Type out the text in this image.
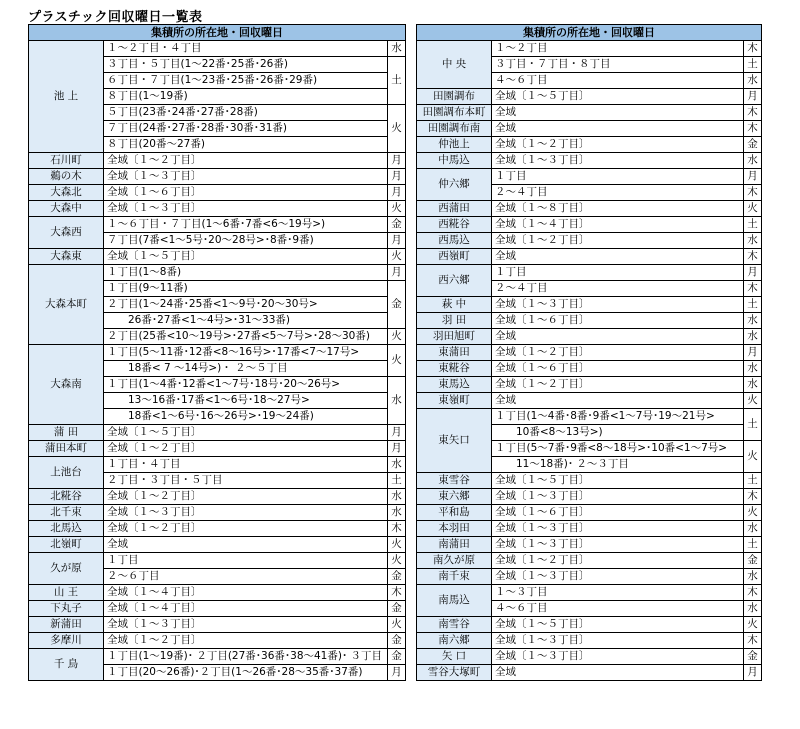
プラスチック回収曜日一覧表
集積所の所在地・回収曜日		
池 上	１～２丁目・４丁目	水
	３丁目・５丁目(1～22番･25番･26番)	土
	６丁目・７丁目(1～23番･25番･26番･29番)	
	８丁目(1～19番)	
	５丁目(23番･24番･27番･28番)	火
	７丁目(24番･27番･28番･30番･31番)	
	８丁目(20番～27番)	
石川町	全域〔１～２丁目〕	月
鵜の木	全域〔１～３丁目〕	月
大森北	全域〔１～６丁目〕	月
大森中	全域〔１～３丁目〕	火
大森西	１～６丁目・７丁目(1～6番･7番<6～19号>)	金
	７丁目(7番<1～5号･20～28号>･8番･9番)	月
大森東	全域〔１～５丁目〕	火
大森本町	１丁目(1～8番)	月
	１丁目(9～11番)	金
	２丁目(1～24番･25番<1～9号･20～30号>	
	　　26番･27番<1～4号>･31～33番)	
	２丁目(25番<10～19号>･27番<5～7号>･28～30番)	火
大森南	１丁目(5～11番･12番<8～16号>･17番<7～17号>	火
	　　18番< 7 ～14号>)・ ２～５丁目	
	１丁目(1～4番･12番<1～7号･18号･20～26号>	水
	　　13～16番･17番<1～6号･18～27号>	
	　　18番<1～6号･16～26号>･19～24番)	
蒲 田	全域〔１～５丁目〕	月
蒲田本町	全域〔１～２丁目〕	月
上池台	１丁目・４丁目	水
	２丁目・３丁目・５丁目	土
北糀谷	全域〔１～２丁目〕	水
北千束	全域〔１～３丁目〕	水
北馬込	全域〔１～２丁目〕	木
北嶺町	全域	火
久が原	１丁目	火
	２～６丁目	金
山 王	全域〔１～４丁目〕	木
下丸子	全域〔１～４丁目〕	金
新蒲田	全域〔１～３丁目〕	火
多摩川	全域〔１～２丁目〕	金
千 鳥	１丁目(1～19番)･ ２丁目(27番･36番･38～41番)･ ３丁目	金
	１丁目(20～26番)･２丁目(1～26番･28～35番･37番)	月
集積所の所在地・回収曜日		
中 央	１～２丁目	木
	３丁目・７丁目・８丁目	土
	４～６丁目	水
田園調布	全域〔１～５丁目〕	月
田園調布本町	全域	木
田園調布南	全域	木
仲池上	全域〔１～２丁目〕	金
中馬込	全域〔１～３丁目〕	水
仲六郷	１丁目	月
	２～４丁目	木
西蒲田	全域〔１～８丁目〕	火
西糀谷	全域〔１～４丁目〕	土
西馬込	全域〔１～２丁目〕	水
西嶺町	全域	木
西六郷	１丁目	月
	２～４丁目	木
萩 中	全域〔１～３丁目〕	土
羽 田	全域〔１～６丁目〕	水
羽田旭町	全域	水
東蒲田	全域〔１～２丁目〕	月
東糀谷	全域〔１～６丁目〕	水
東馬込	全域〔１～２丁目〕	水
東嶺町	全域	火
東矢口	１丁目(1～4番･8番･9番<1～7号･19～21号>	土
	　　10番<8～13号>)	
	１丁目(5～7番･9番<8～18号>･10番<1～7号>	火
	　　11～18番)･ ２～３丁目	
東雪谷	全域〔１～５丁目〕	土
東六郷	全域〔１～３丁目〕	木
平和島	全域〔１～６丁目〕	火
本羽田	全域〔１～３丁目〕	水
南蒲田	全域〔１～３丁目〕	土
南久が原	全域〔１～２丁目〕	金
南千束	全域〔１～３丁目〕	水
南馬込	１～３丁目	木
	４～６丁目	水
南雪谷	全域〔１～５丁目〕	火
南六郷	全域〔１～３丁目〕	木
矢 口	全域〔１～３丁目〕	金
雪谷大塚町	全域	月
